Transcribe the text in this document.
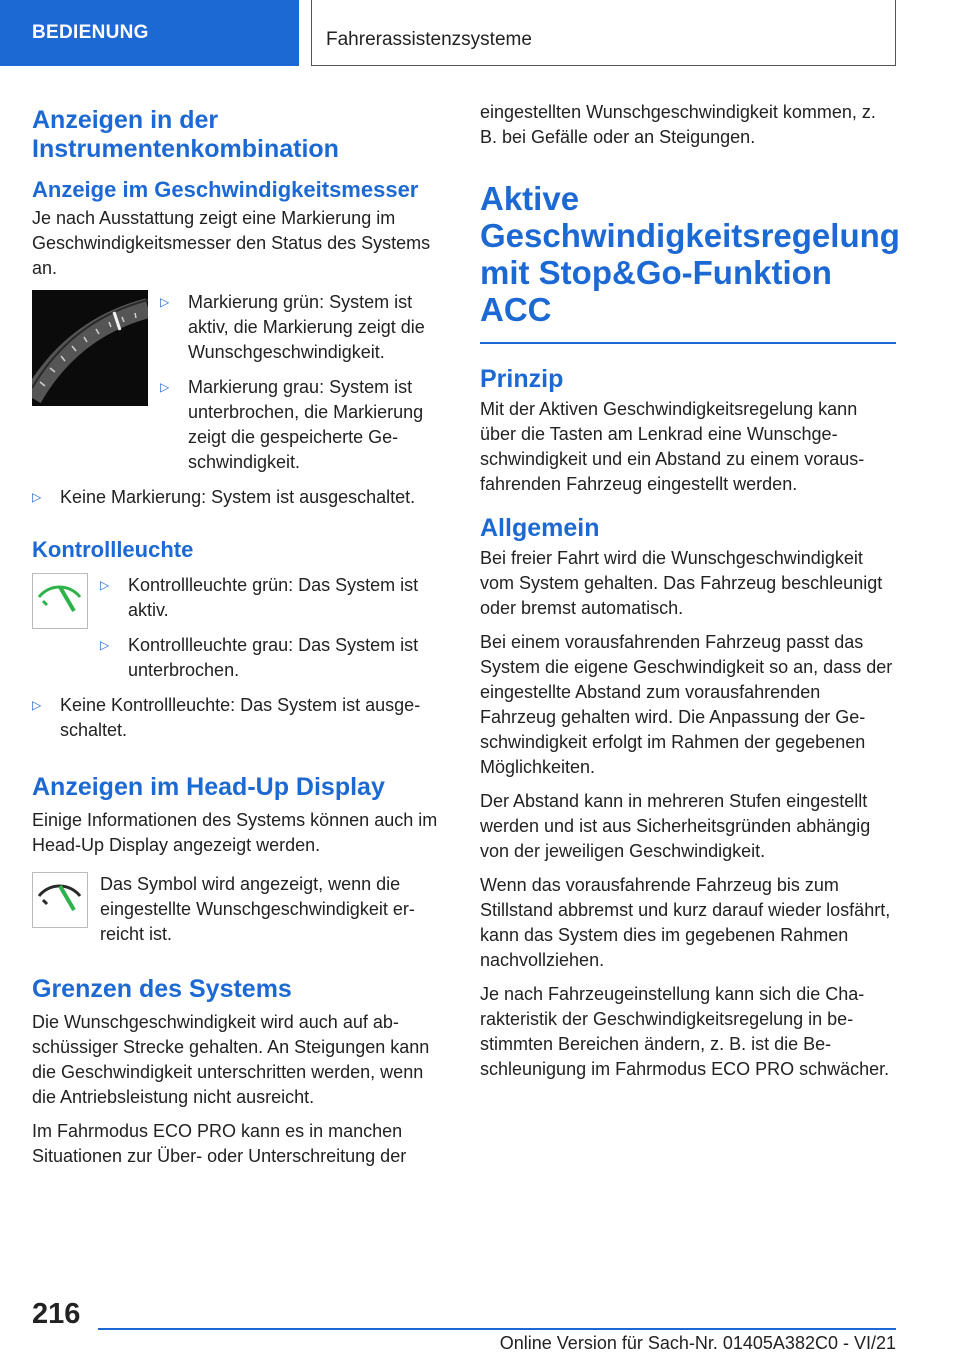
BEDIENUNG	Fahrerassistenzsysteme
Anzeigen in der Instrumentenkombination
Anzeige im Geschwindigkeitsmesser

Je nach Ausstattung zeigt eine Markierung im Geschwindigkeitsmesser den Status des Systems an.

▷ Markierung grün: System ist aktiv, die Markierung zeigt die Wunschgeschwindigkeit.
▷ Markierung grau: System ist unterbrochen, die Markierung zeigt die gespeicherte Geschwindigkeit.
▷ Keine Markierung: System ist ausgeschaltet.
Kontrollleuchte
▷ Kontrollleuchte grün: Das System ist aktiv.
▷ Kontrollleuchte grau: Das System ist unterbrochen.
▷ Keine Kontrollleuchte: Das System ist ausgeschaltet.
Anzeigen im Head-Up Display

Einige Informationen des Systems können auch im Head-Up Display angezeigt werden.

Das Symbol wird angezeigt, wenn die eingestellte Wunschgeschwindigkeit erreicht ist.

Grenzen des Systems

Die Wunschgeschwindigkeit wird auch auf abschüssiger Strecke gehalten. An Steigungen kann die Geschwindigkeit unterschritten werden, wenn die Antriebsleistung nicht ausreicht.

Im Fahrmodus ECO PRO kann es in manchen Situationen zur Über- oder Unterschreitung der

eingestellten Wunschgeschwindigkeit kommen, z. B. bei Gefälle oder an Steigungen.

Aktive Geschwindigkeitsregelung mit Stop&Go-Funktion ACC
Prinzip

Mit der Aktiven Geschwindigkeitsregelung kann über die Tasten am Lenkrad eine Wunschgeschwindigkeit und ein Abstand zu einem vorausfahrenden Fahrzeug eingestellt werden.

Allgemein

Bei freier Fahrt wird die Wunschgeschwindigkeit vom System gehalten. Das Fahrzeug beschleunigt oder bremst automatisch.

Bei einem vorausfahrenden Fahrzeug passt das System die eigene Geschwindigkeit so an, dass der eingestellte Abstand zum vorausfahrenden Fahrzeug gehalten wird. Die Anpassung der Geschwindigkeit erfolgt im Rahmen der gegebenen Möglichkeiten.

Der Abstand kann in mehreren Stufen eingestellt werden und ist aus Sicherheitsgründen abhängig von der jeweiligen Geschwindigkeit.

Wenn das vorausfahrende Fahrzeug bis zum Stillstand abbremst und kurz darauf wieder losfährt, kann das System dies im gegebenen Rahmen nachvollziehen.

Je nach Fahrzeugeinstellung kann sich die Charakteristik der Geschwindigkeitsregelung in bestimmten Bereichen ändern, z. B. ist die Beschleunigung im Fahrmodus ECO PRO schwächer.

216
Online Version für Sach-Nr. 01405A382C0 - VI/21
